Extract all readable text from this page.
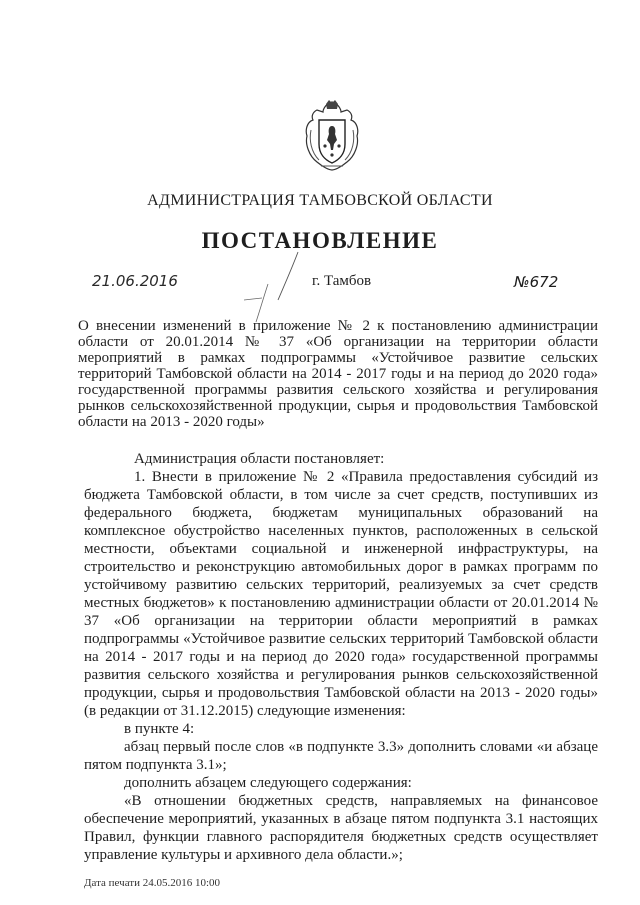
АДМИНИСТРАЦИЯ ТАМБОВСКОЙ ОБЛАСТИ
ПОСТАНОВЛЕНИЕ
21.06.2016	г. Тамбов	№672
О внесении изменений в приложение № 2 к постановлению администрации области от 20.01.2014 № 37 «Об организации на территории области мероприятий в рамках подпрограммы «Устойчивое развитие сельских территорий Тамбовской области на 2014 - 2017 годы и на период до 2020 года» государственной программы развития сельского хозяйства и регулирования рынков сельскохозяйственной продукции, сырья и продовольствия Тамбовской области на 2013 - 2020 годы»

Администрация области постановляет:

1. Внести в приложение № 2 «Правила предоставления субсидий из бюджета Тамбовской области, в том числе за счет средств, поступивших из федерального бюджета, бюджетам муниципальных образований на комплексное обустройство населенных пунктов, расположенных в сельской местности, объектами социальной и инженерной инфраструктуры, на строительство и реконструкцию автомобильных дорог в рамках программ по устойчивому развитию сельских территорий, реализуемых за счет средств местных бюджетов» к постановлению администрации области от 20.01.2014 № 37 «Об организации на территории области мероприятий в рамках подпрограммы «Устойчивое развитие сельских территорий Тамбовской области на 2014 - 2017 годы и на период до 2020 года» государственной программы развития сельского хозяйства и регулирования рынков сельскохозяйственной продукции, сырья и продовольствия Тамбовской области на 2013 - 2020 годы» (в редакции от 31.12.2015) следующие изменения:

в пункте 4:

абзац первый после слов «в подпункте 3.3» дополнить словами «и абзаце пятом подпункта 3.1»;

дополнить абзацем следующего содержания:

«В отношении бюджетных средств, направляемых на финансовое обеспечение мероприятий, указанных в абзаце пятом подпункта 3.1 настоящих Правил, функции главного распорядителя бюджетных средств осуществляет управление культуры и архивного дела области.»;

Дата печати 24.05.2016 10:00
